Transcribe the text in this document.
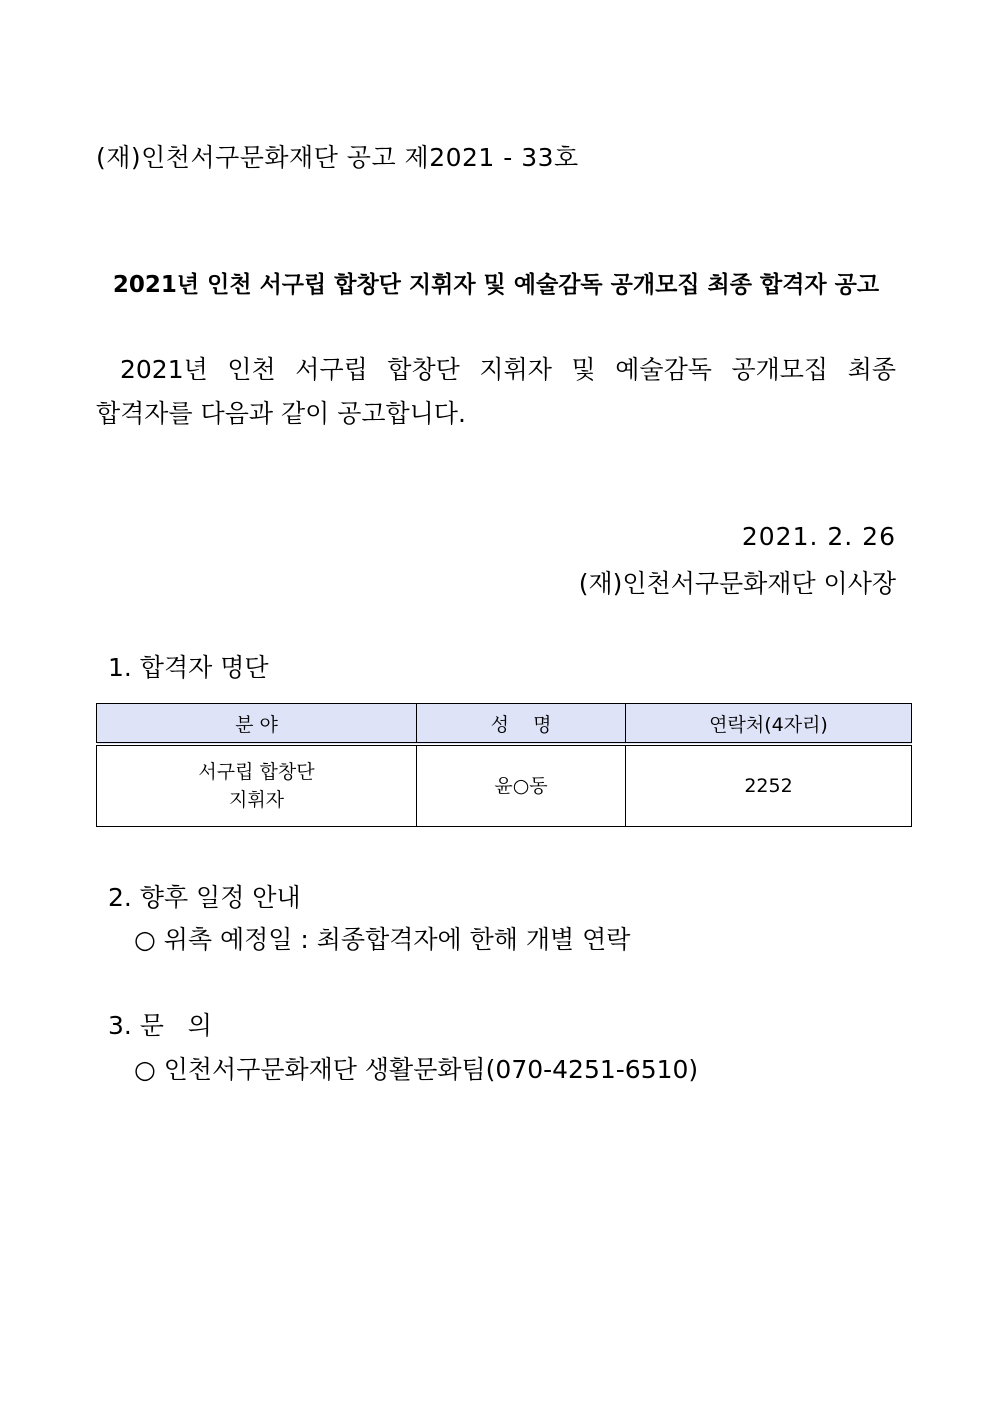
(재)인천서구문화재단 공고 제2021 - 33호
2021년 인천 서구립 합창단 지휘자 및 예술감독 공개모집 최종 합격자 공고
2021년 인천 서구립 합창단 지휘자 및 예술감독 공개모집 최종
합격자를 다음과 같이 공고합니다.
2021. 2. 26
(재)인천서구문화재단 이사장
1. 합격자 명단
분 야	성    명	연락처(4자리)

서구립 합창단
지휘자	윤○동	2252
2. 향후 일정 안내
○ 위촉 예정일 : 최종합격자에 한해 개별 연락
3. 문   의
○ 인천서구문화재단 생활문화팀(070-4251-6510)
